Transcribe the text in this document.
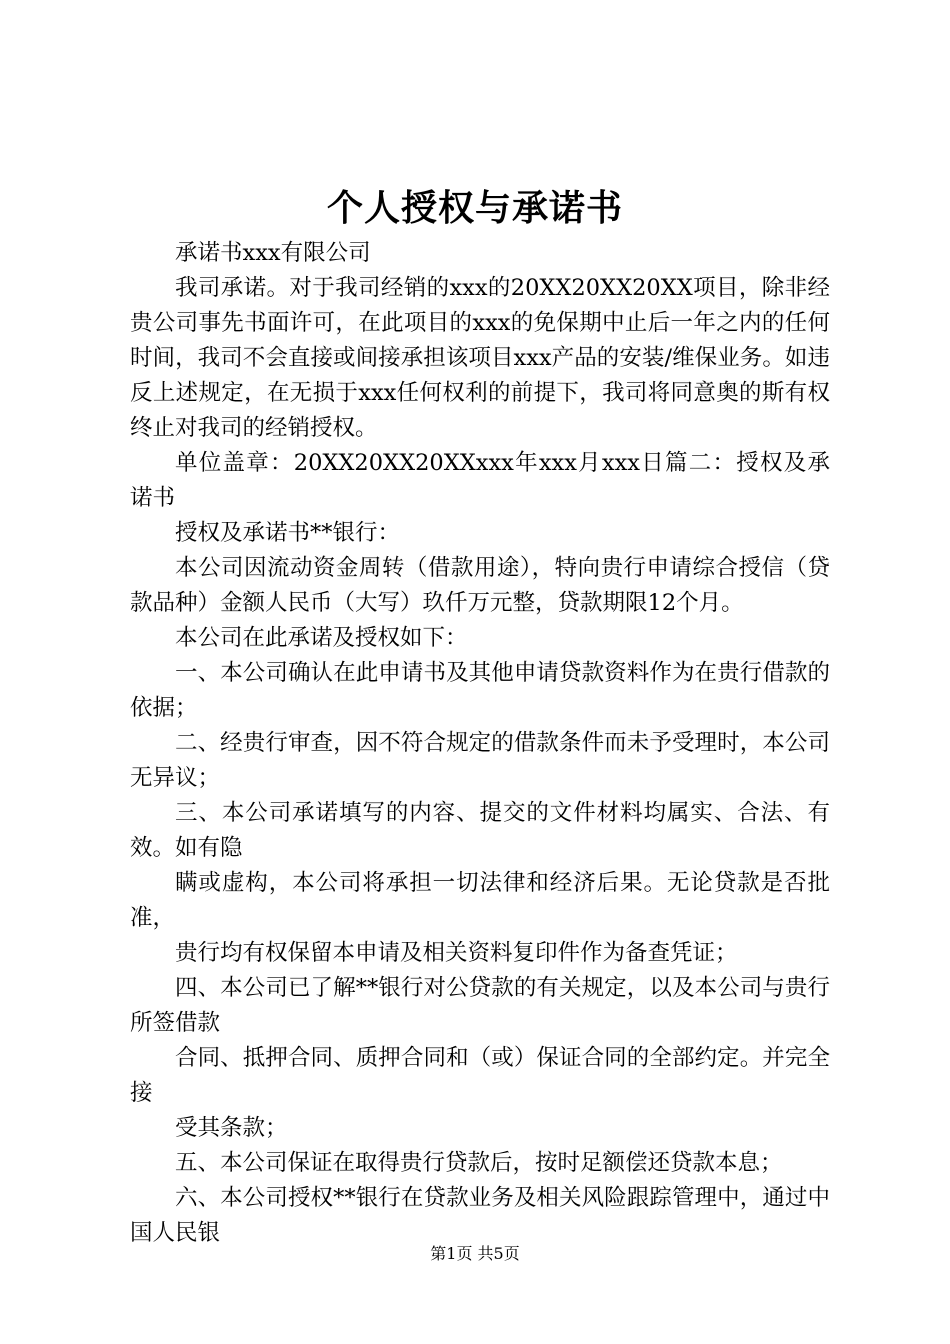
个人授权与承诺书

承诺书xxx有限公司

我司承诺。对于我司经销的xxx的20XX20XX20XX项目，除非经贵公司事先书面许可，在此项目的xxx的免保期中止后一年之内的任何时间，我司不会直接或间接承担该项目xxx产品的安装/维保业务。如违反上述规定，在无损于xxx任何权利的前提下，我司将同意奥的斯有权终止对我司的经销授权。

单位盖章：20XX20XX20XXxxx年xxx月xxx日篇二：授权及承诺书

授权及承诺书**银行：

本公司因流动资金周转（借款用途），特向贵行申请综合授信（贷款品种）金额人民币（大写）玖仟万元整，贷款期限12个月。

本公司在此承诺及授权如下：

一、本公司确认在此申请书及其他申请贷款资料作为在贵行借款的依据；

二、经贵行审查，因不符合规定的借款条件而未予受理时，本公司无异议；

三、本公司承诺填写的内容、提交的文件材料均属实、合法、有效。如有隐

瞒或虚构，本公司将承担一切法律和经济后果。无论贷款是否批准，

贵行均有权保留本申请及相关资料复印件作为备查凭证；

四、本公司已了解**银行对公贷款的有关规定，以及本公司与贵行所签借款

合同、抵押合同、质押合同和（或）保证合同的全部约定。并完全接

受其条款；

五、本公司保证在取得贵行贷款后，按时足额偿还贷款本息；

六、本公司授权**银行在贷款业务及相关风险跟踪管理中，通过中国人民银

第1页 共5页
